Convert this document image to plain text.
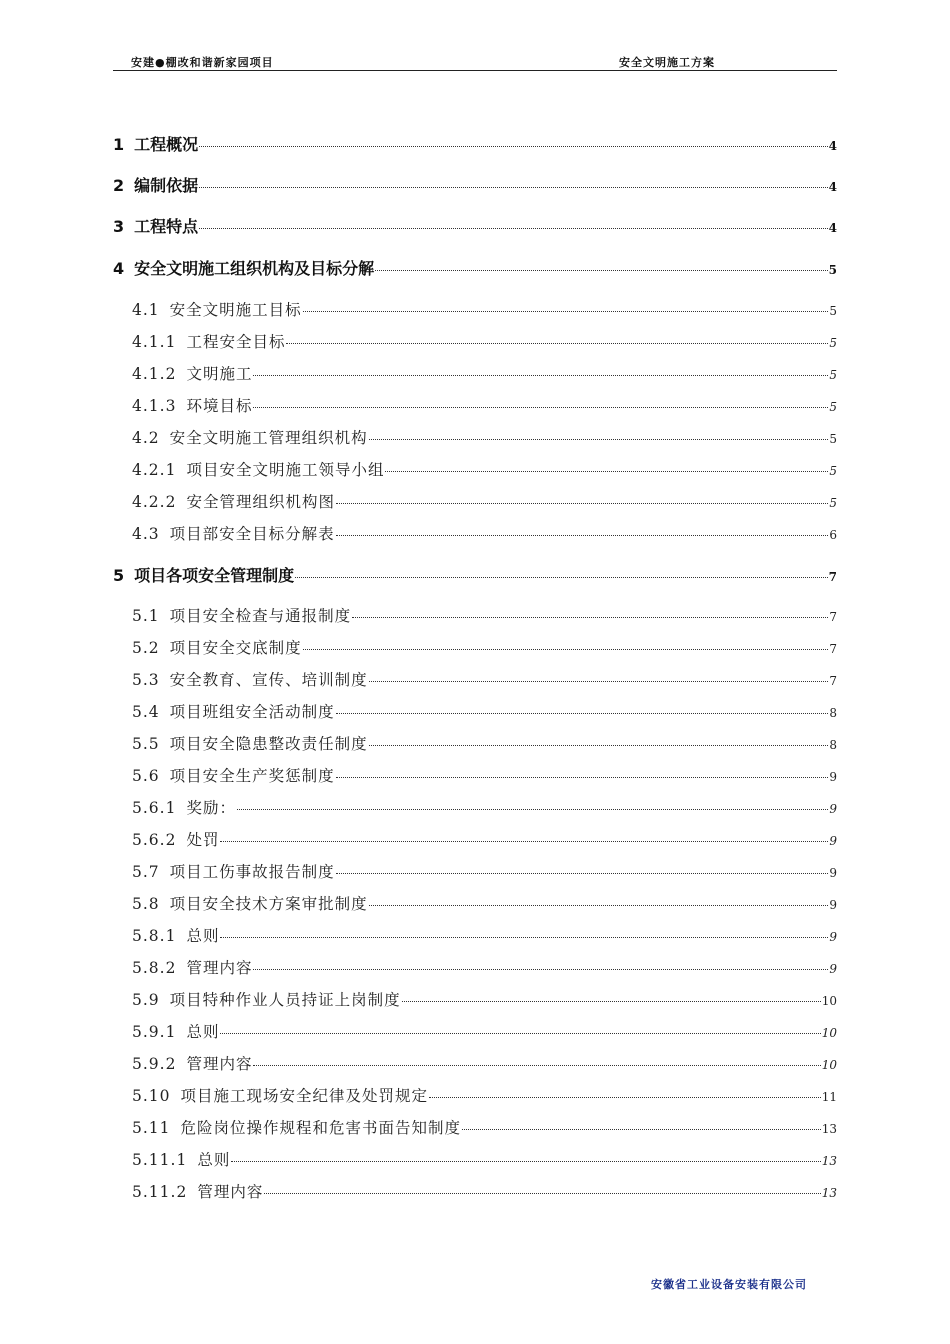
安建●棚改和谐新家园项目	安全文明施工方案
1 工程概况	4
2 编制依据	4
3 工程特点	4
4 安全文明施工组织机构及目标分解	5
4.1 安全文明施工目标	5
4.1.1 工程安全目标	5
4.1.2 文明施工	5
4.1.3 环境目标	5
4.2 安全文明施工管理组织机构	5
4.2.1 项目安全文明施工领导小组	5
4.2.2 安全管理组织机构图	5
4.3 项目部安全目标分解表	6
5 项目各项安全管理制度	7
5.1 项目安全检查与通报制度	7
5.2 项目安全交底制度	7
5.3 安全教育、宣传、培训制度	7
5.4 项目班组安全活动制度	8
5.5 项目安全隐患整改责任制度	8
5.6 项目安全生产奖惩制度	9
5.6.1 奖励：	9
5.6.2 处罚	9
5.7 项目工伤事故报告制度	9
5.8 项目安全技术方案审批制度	9
5.8.1 总则	9
5.8.2 管理内容	9
5.9 项目特种作业人员持证上岗制度	10
5.9.1 总则	10
5.9.2 管理内容	10
5.10 项目施工现场安全纪律及处罚规定	11
5.11 危险岗位操作规程和危害书面告知制度	13
5.11.1 总则	13
5.11.2 管理内容	13
安徽省工业设备安装有限公司
